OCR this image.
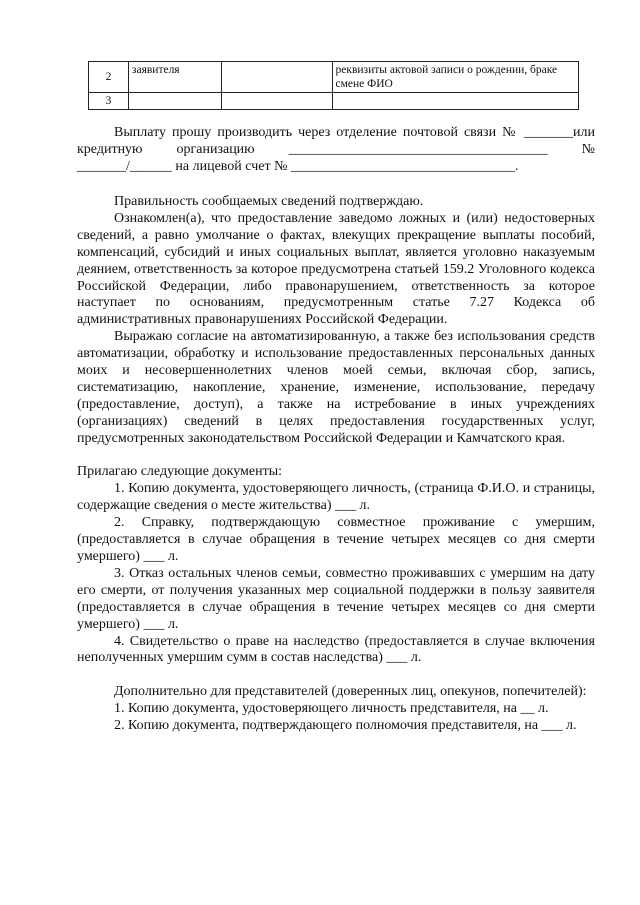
2	заявителя		реквизиты актовой записи о рождении, браке смене ФИО
3			

Выплату прошу производить через отделение почтовой связи № _______или кредитную организацию _____________________________________ № _______/______ на лицевой счет № ________________________________.

Правильность сообщаемых сведений подтверждаю.

Ознакомлен(а), что предоставление заведомо ложных и (или) недостоверных сведений, а равно умолчание о фактах, влекущих прекращение выплаты пособий, компенсаций, субсидий и иных социальных выплат, является уголовно наказуемым деянием, ответственность за которое предусмотрена статьей 159.2 Уголовного кодекса Российской Федерации, либо правонарушением, ответственность за которое наступает по основаниям, предусмотренным статье 7.27 Кодекса об административных правонарушениях Российской Федерации.

Выражаю согласие на автоматизированную, а также без использования средств автоматизации, обработку и использование предоставленных персональных данных моих и несовершеннолетних членов моей семьи, включая сбор, запись, систематизацию, накопление, хранение, изменение, использование, передачу (предоставление, доступ), а также на истребование в иных учреждениях (организациях) сведений в целях предоставления государственных услуг, предусмотренных законодательством Российской Федерации и Камчатского края.

Прилагаю следующие документы:

1. Копию документа, удостоверяющего личность, (страница Ф.И.О. и страницы, содержащие сведения о месте жительства) ___ л.

2. Справку, подтверждающую совместное проживание с умершим, (предоставляется в случае обращения в течение четырех месяцев со дня смерти умершего) ___ л.

3. Отказ остальных членов семьи, совместно проживавших с умершим на дату его смерти, от получения указанных мер социальной поддержки в пользу заявителя (предоставляется в случае обращения в течение четырех месяцев со дня смерти умершего) ___ л.

4. Свидетельство о праве на наследство (предоставляется в случае включения неполученных умершим сумм в состав наследства) ___ л.

Дополнительно для представителей (доверенных лиц, опекунов, попечителей):

1. Копию документа, удостоверяющего личность представителя, на __ л.

2. Копию документа, подтверждающего полномочия представителя, на ___ л.
